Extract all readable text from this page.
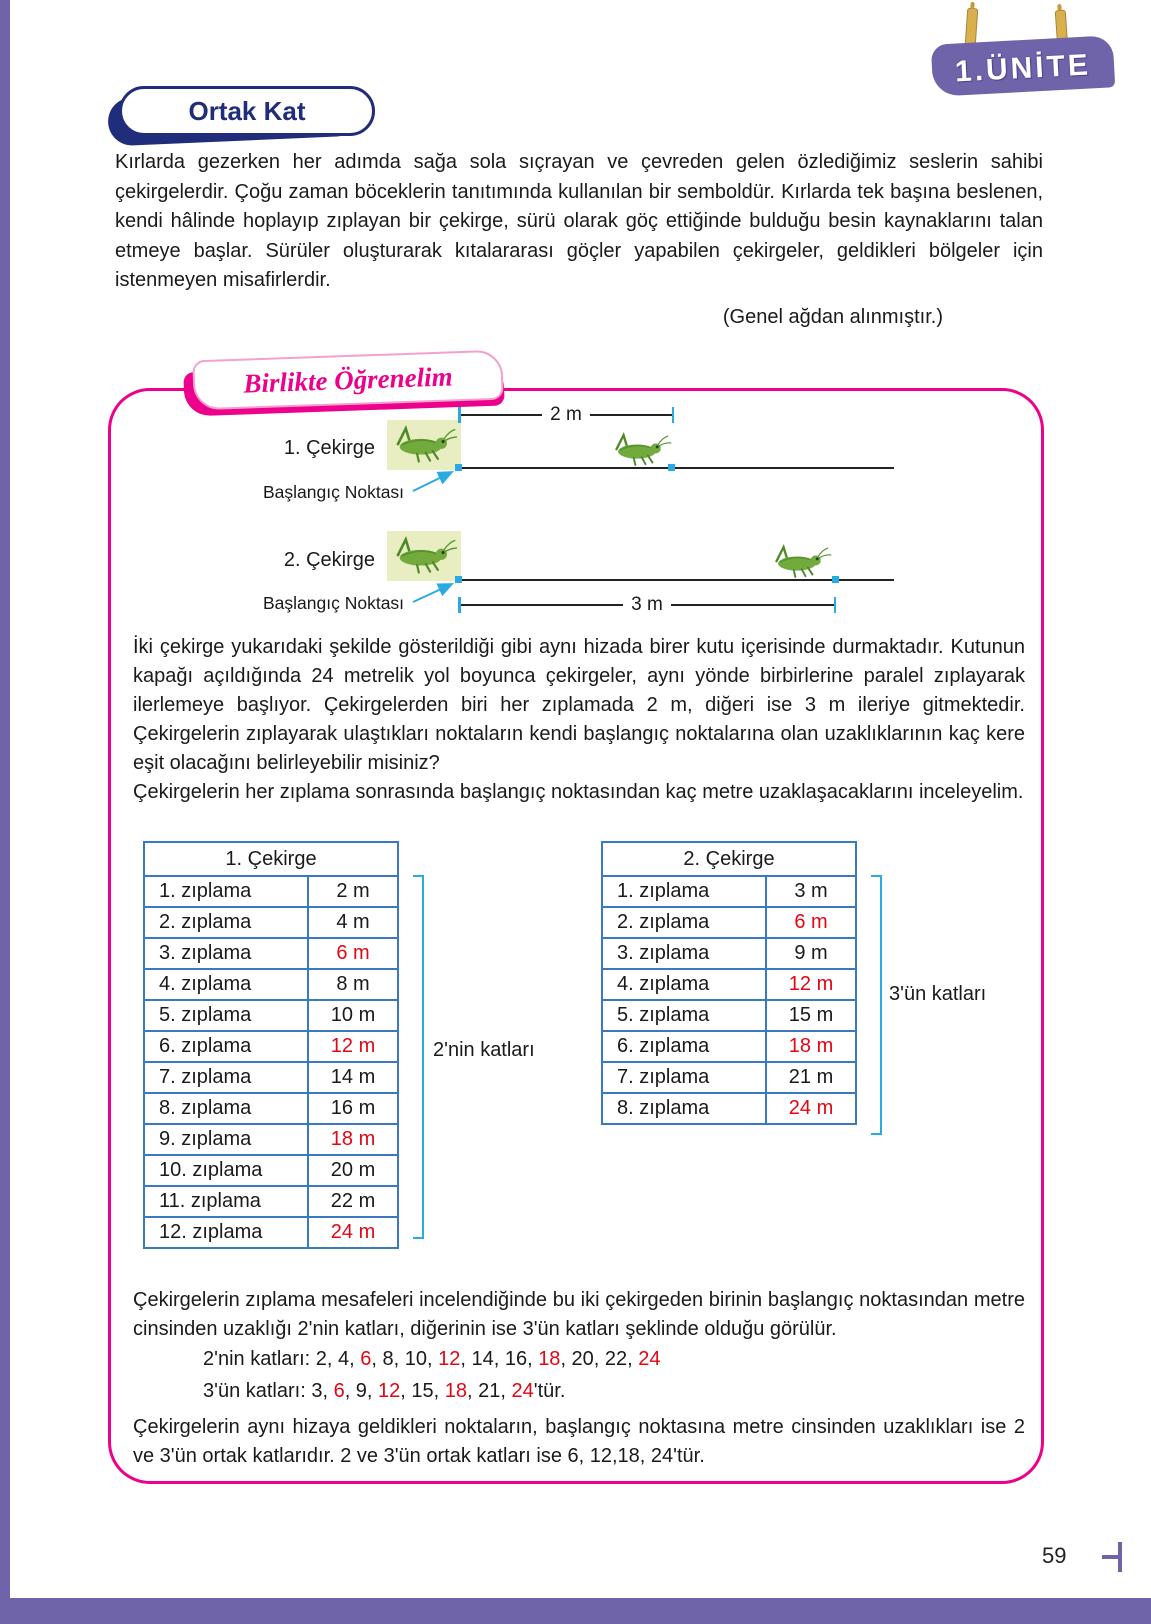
1.ÜNİTE
Ortak Kat

Kırlarda gezerken her adımda sağa sola sıçrayan ve çevreden gelen özlediğimiz seslerin sahibi çekirgelerdir. Çoğu zaman böceklerin tanıtımında kullanılan bir semboldür. Kırlarda tek başına beslenen, kendi hâlinde hoplayıp zıplayan bir çekirge, sürü olarak göç ettiğinde bulduğu besin kaynaklarını talan etmeye başlar. Sürüler oluşturarak kıtalararası göçler yapabilen çekirgeler, geldikleri bölgeler için istenmeyen misafirlerdir.

(Genel ağdan alınmıştır.)

Birlikte Öğrenelim
1. Çekirge
2 m
Başlangıç Noktası
2. Çekirge
Başlangıç Noktası	3 m

İki çekirge yukarıdaki şekilde gösterildiği gibi aynı hizada birer kutu içerisinde durmaktadır. Kutunun kapağı açıldığında 24 metrelik yol boyunca çekirgeler, aynı yönde birbirlerine paralel zıplayarak ilerlemeye başlıyor. Çekirgelerden biri her zıplamada 2 m, diğeri ise 3 m ileriye gitmektedir. Çekirgelerin zıplayarak ulaştıkları noktaların kendi başlangıç noktalarına olan uzaklıklarının kaç kere eşit olacağını belirleyebilir misiniz?

Çekirgelerin her zıplama sonrasında başlangıç noktasından kaç metre uzaklaşacaklarını inceleyelim.

1. Çekirge	
1. zıplama	2 m
2. zıplama	4 m
3. zıplama	6 m
4. zıplama	8 m
5. zıplama	10 m
6. zıplama	12 m
7. zıplama	14 m
8. zıplama	16 m
9. zıplama	18 m
10. zıplama	20 m
11. zıplama	22 m
12. zıplama	24 m
2'nin katları
2. Çekirge	
1. zıplama	3 m
2. zıplama	6 m
3. zıplama	9 m
4. zıplama	12 m
5. zıplama	15 m
6. zıplama	18 m
7. zıplama	21 m
8. zıplama	24 m
3'ün katları
Çekirgelerin zıplama mesafeleri incelendiğinde bu iki çekirgeden birinin başlangıç noktasından metre cinsinden uzaklığı 2'nin katları, diğerinin ise 3'ün katları şeklinde olduğu görülür.
2'nin katları: 2, 4, 6, 8, 10, 12, 14, 16, 18, 20, 22, 24
3'ün katları: 3, 6, 9, 12, 15, 18, 21, 24'tür.
Çekirgelerin aynı hizaya geldikleri noktaların, başlangıç noktasına metre cinsinden uzaklıkları ise 2 ve 3'ün ortak katlarıdır. 2 ve 3'ün ortak katları ise 6, 12,18, 24'tür.
59
